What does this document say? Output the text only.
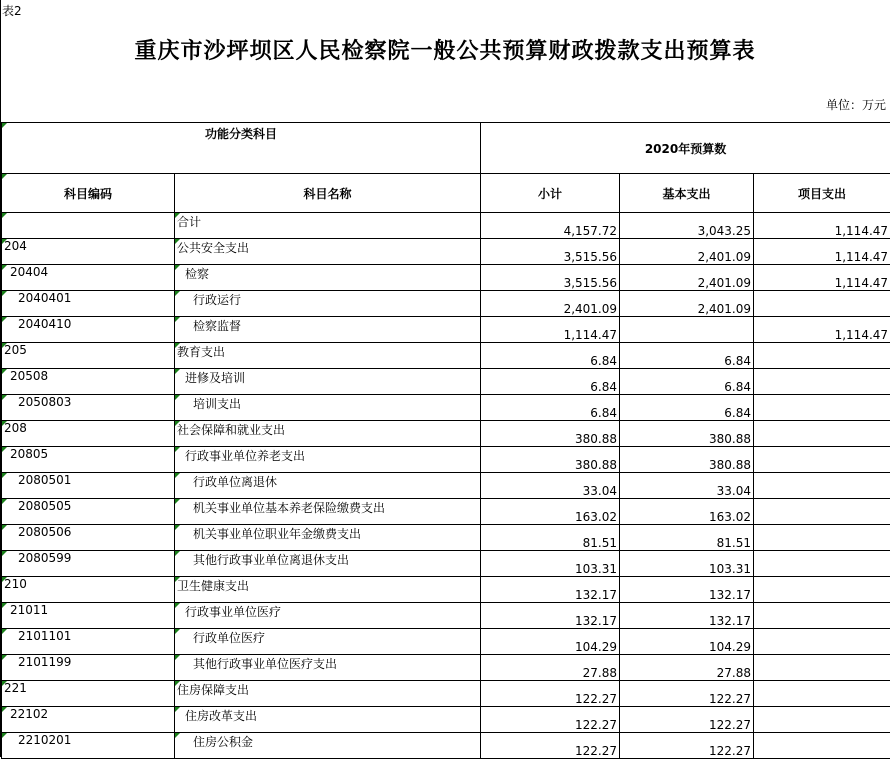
表2
重庆市沙坪坝区人民检察院一般公共预算财政拨款支出预算表
单位：万元
功能分类科目		2020年预算数		
科目编码	科目名称	小计	基本支出	项目支出
	合计	4,157.72	3,043.25	1,114.47
204	公共安全支出	3,515.56	2,401.09	1,114.47
20404	检察	3,515.56	2,401.09	1,114.47
2040401	行政运行	2,401.09	2,401.09	
2040410	检察监督	1,114.47		1,114.47
205	教育支出	6.84	6.84	
20508	进修及培训	6.84	6.84	
2050803	培训支出	6.84	6.84	
208	社会保障和就业支出	380.88	380.88	
20805	行政事业单位养老支出	380.88	380.88	
2080501	行政单位离退休	33.04	33.04	
2080505	机关事业单位基本养老保险缴费支出	163.02	163.02	
2080506	机关事业单位职业年金缴费支出	81.51	81.51	
2080599	其他行政事业单位离退休支出	103.31	103.31	
210	卫生健康支出	132.17	132.17	
21011	行政事业单位医疗	132.17	132.17	
2101101	行政单位医疗	104.29	104.29	
2101199	其他行政事业单位医疗支出	27.88	27.88	
221	住房保障支出	122.27	122.27	
22102	住房改革支出	122.27	122.27	
2210201	住房公积金	122.27	122.27	
